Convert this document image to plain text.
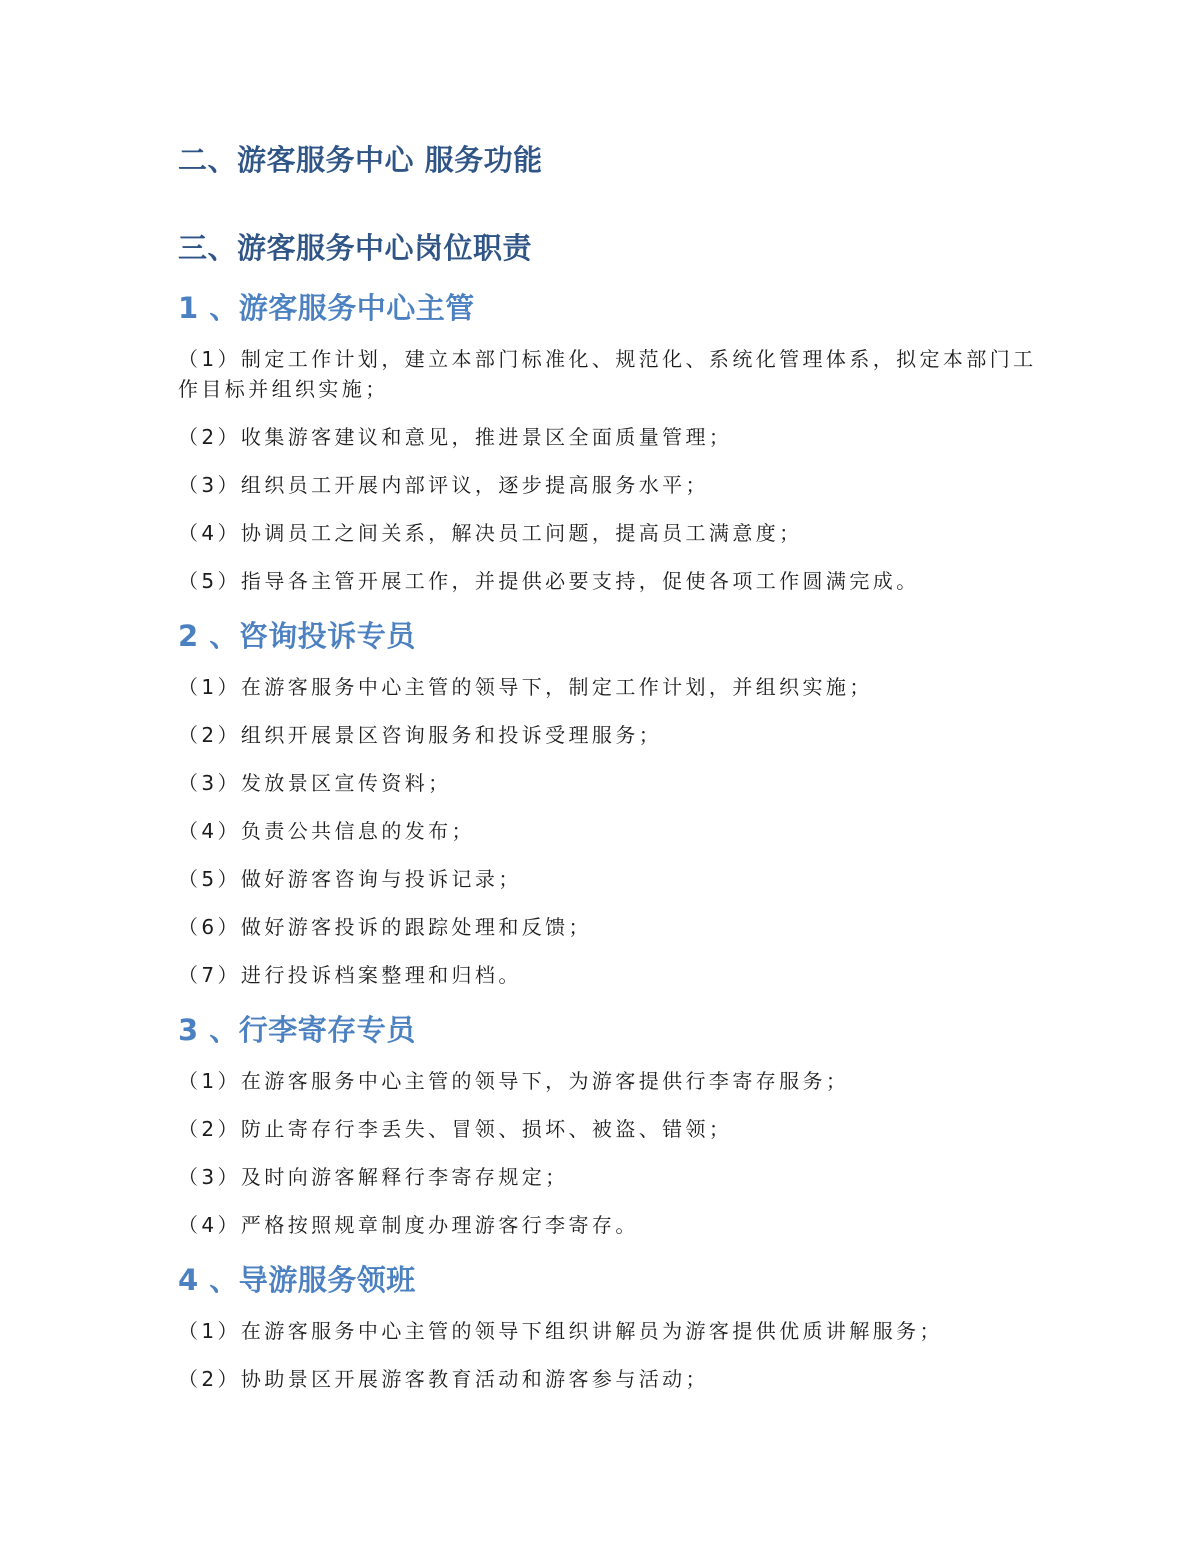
二、游客服务中心 服务功能
三、游客服务中心岗位职责
1 、游客服务中心主管

（1）制定工作计划，建立本部门标准化、规范化、系统化管理体系，拟定本部门工作目标并组织实施；

（2）收集游客建议和意见，推进景区全面质量管理；

（3）组织员工开展内部评议，逐步提高服务水平；

（4）协调员工之间关系，解决员工问题，提高员工满意度；

（5）指导各主管开展工作，并提供必要支持，促使各项工作圆满完成。

2 、咨询投诉专员

（1）在游客服务中心主管的领导下，制定工作计划，并组织实施；

（2）组织开展景区咨询服务和投诉受理服务；

（3）发放景区宣传资料；

（4）负责公共信息的发布；

（5）做好游客咨询与投诉记录；

（6）做好游客投诉的跟踪处理和反馈；

（7）进行投诉档案整理和归档。

3 、行李寄存专员

（1）在游客服务中心主管的领导下，为游客提供行李寄存服务；

（2）防止寄存行李丢失、冒领、损坏、被盗、错领；

（3）及时向游客解释行李寄存规定；

（4）严格按照规章制度办理游客行李寄存。

4 、导游服务领班

（1）在游客服务中心主管的领导下组织讲解员为游客提供优质讲解服务；

（2）协助景区开展游客教育活动和游客参与活动；
